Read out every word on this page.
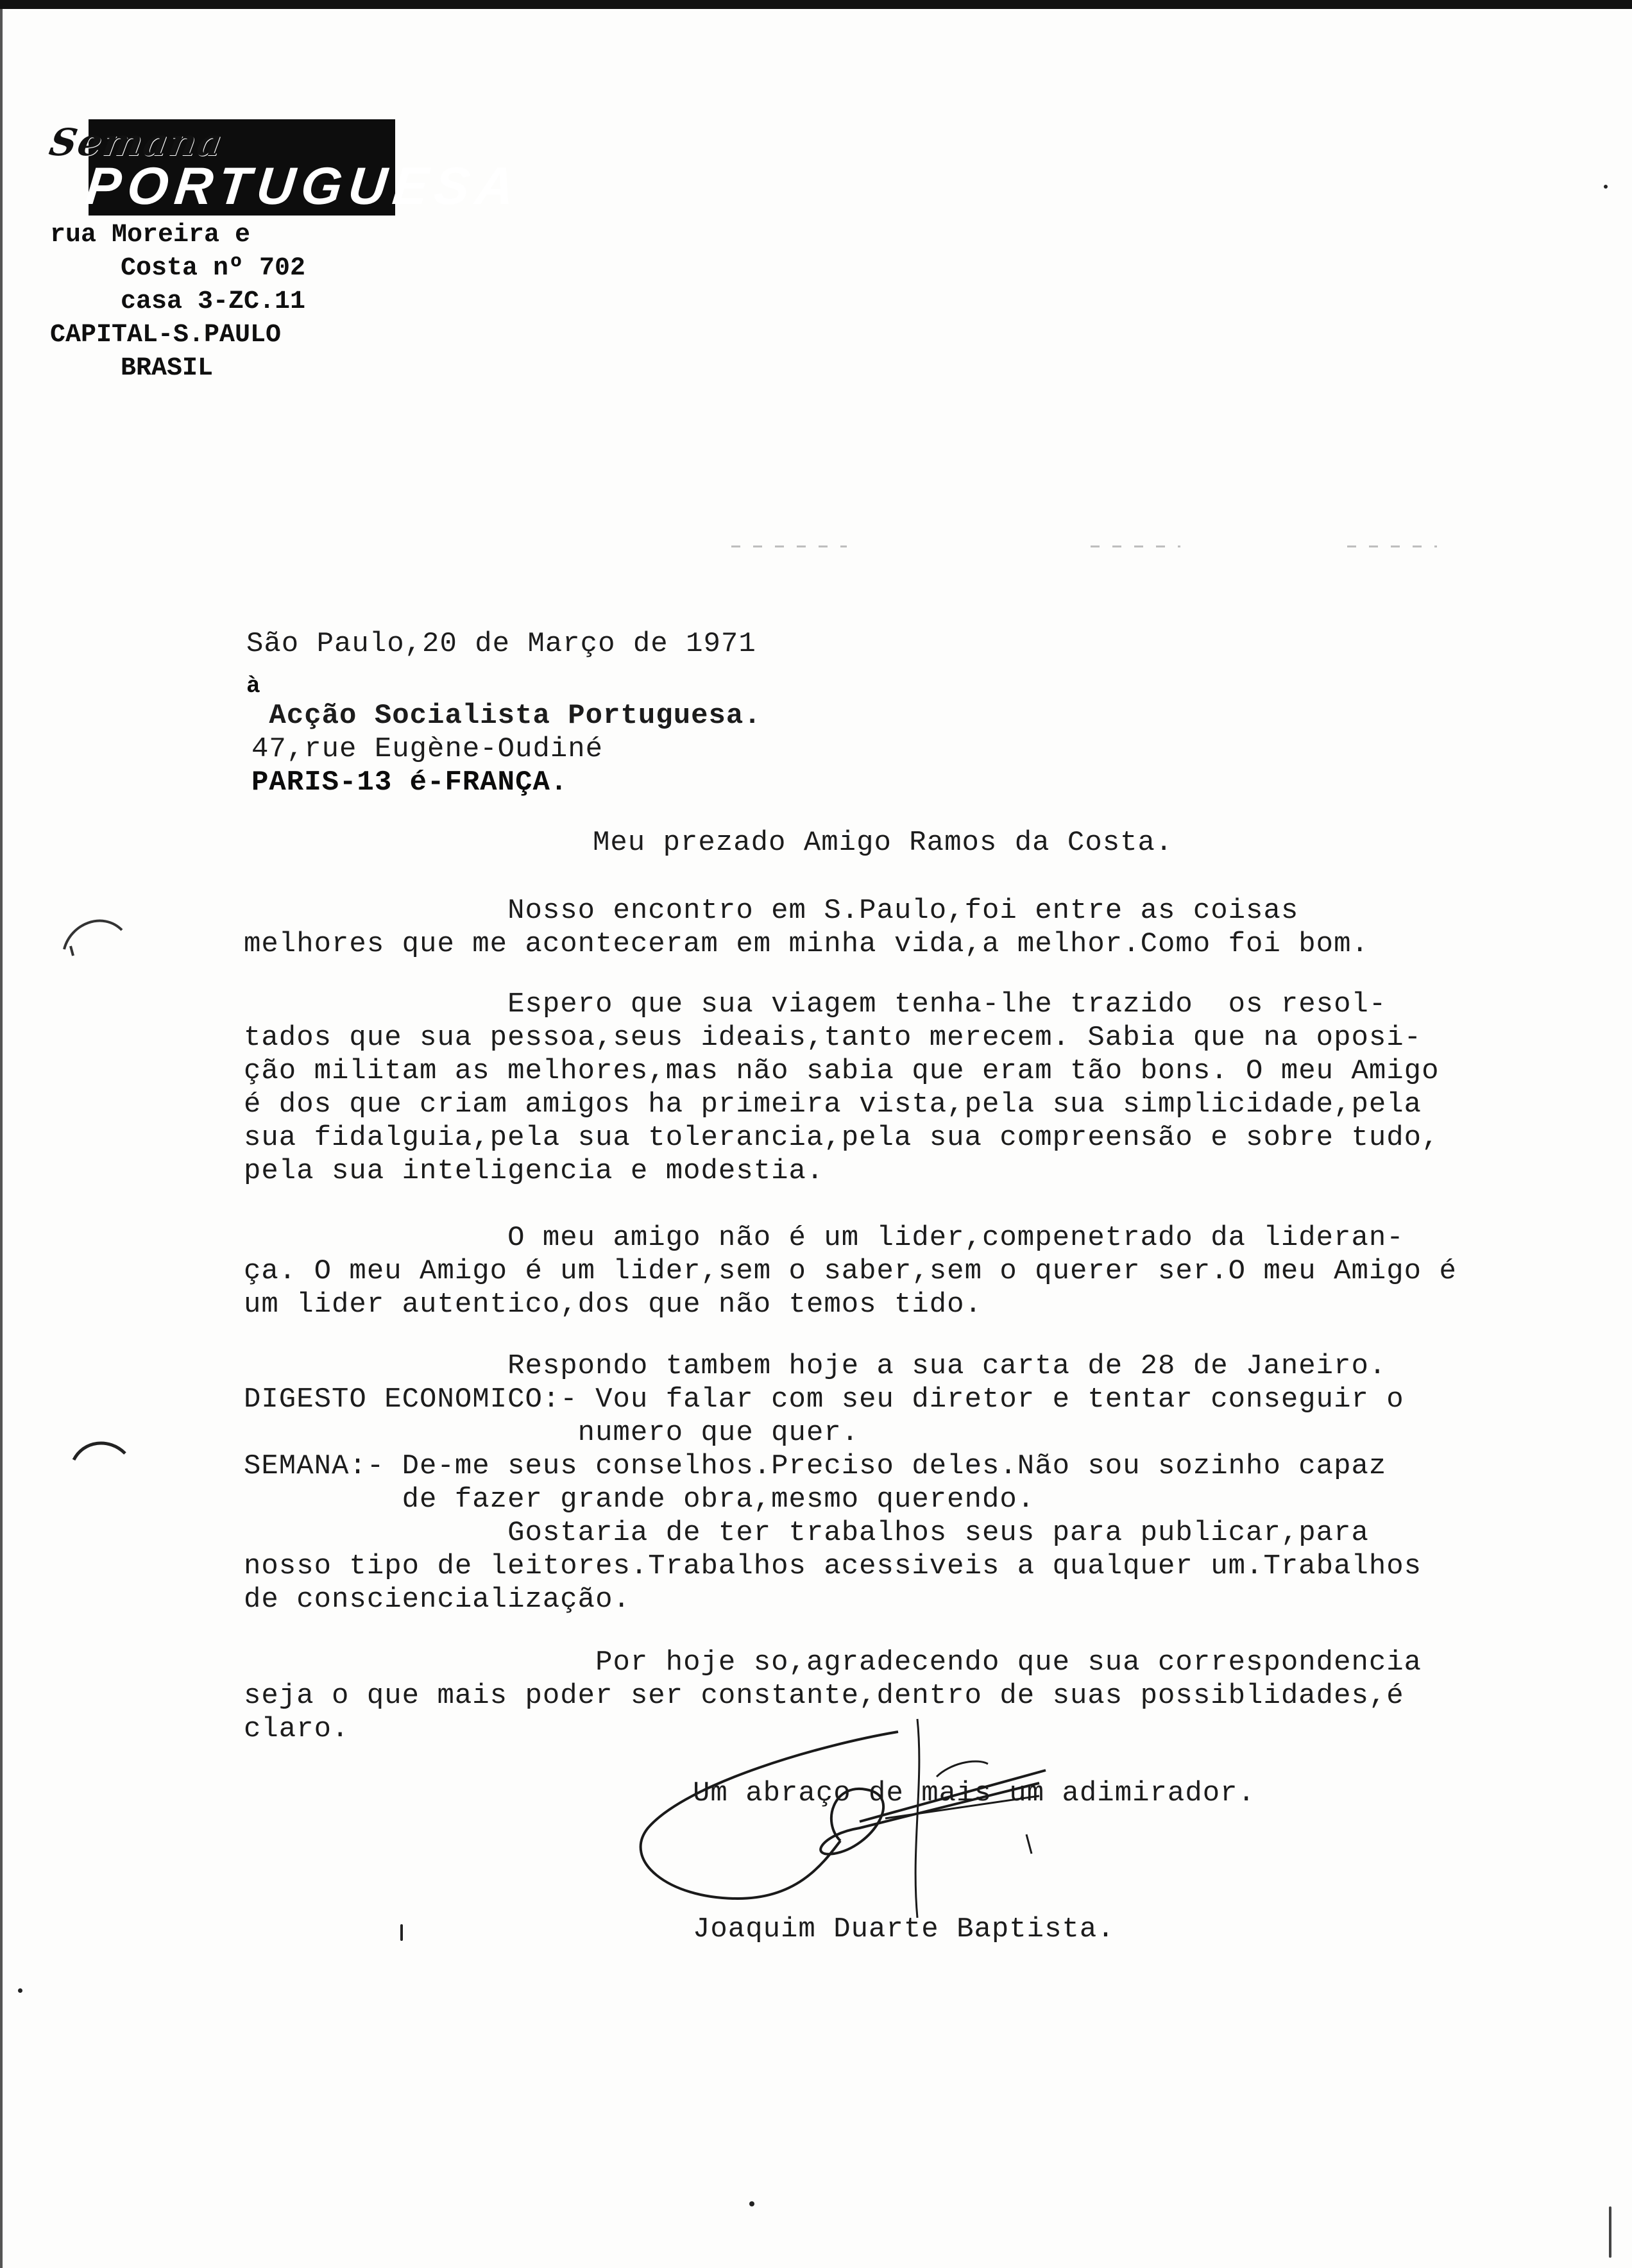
Semana
PORTUGUESA
rua Moreira e
Costa nº 702
casa 3-ZC.11
CAPITAL-S.PAULO
BRASIL
São Paulo,20 de Março de 1971
à
Acção Socialista Portuguesa.
47,rue Eugène-Oudiné
PARIS-13 é-FRANÇA.
Meu prezado Amigo Ramos da Costa.
Nosso encontro em S.Paulo,foi entre as coisas
melhores que me aconteceram em minha vida,a melhor.Como foi bom.
Espero que sua viagem tenha-lhe trazido  os resol-
tados que sua pessoa,seus ideais,tanto merecem. Sabia que na oposi-
ção militam as melhores,mas não sabia que eram tão bons. O meu Amigo
é dos que criam amigos ha primeira vista,pela sua simplicidade,pela
sua fidalguia,pela sua tolerancia,pela sua compreensão e sobre tudo,
pela sua inteligencia e modestia.
O meu amigo não é um lider,compenetrado da lideran-
ça. O meu Amigo é um lider,sem o saber,sem o querer ser.O meu Amigo é
um lider autentico,dos que não temos tido.
Respondo tambem hoje a sua carta de 28 de Janeiro.
DIGESTO ECONOMICO:- Vou falar com seu diretor e tentar conseguir o
numero que quer.
SEMANA:- De-me seus conselhos.Preciso deles.Não sou sozinho capaz
de fazer grande obra,mesmo querendo.
Gostaria de ter trabalhos seus para publicar,para
nosso tipo de leitores.Trabalhos acessiveis a qualquer um.Trabalhos
de consciencialização.
Por hoje so,agradecendo que sua correspondencia
seja o que mais poder ser constante,dentro de suas possiblidades,é
claro.
Um abraço de mais um adimirador.
Joaquim Duarte Baptista.
